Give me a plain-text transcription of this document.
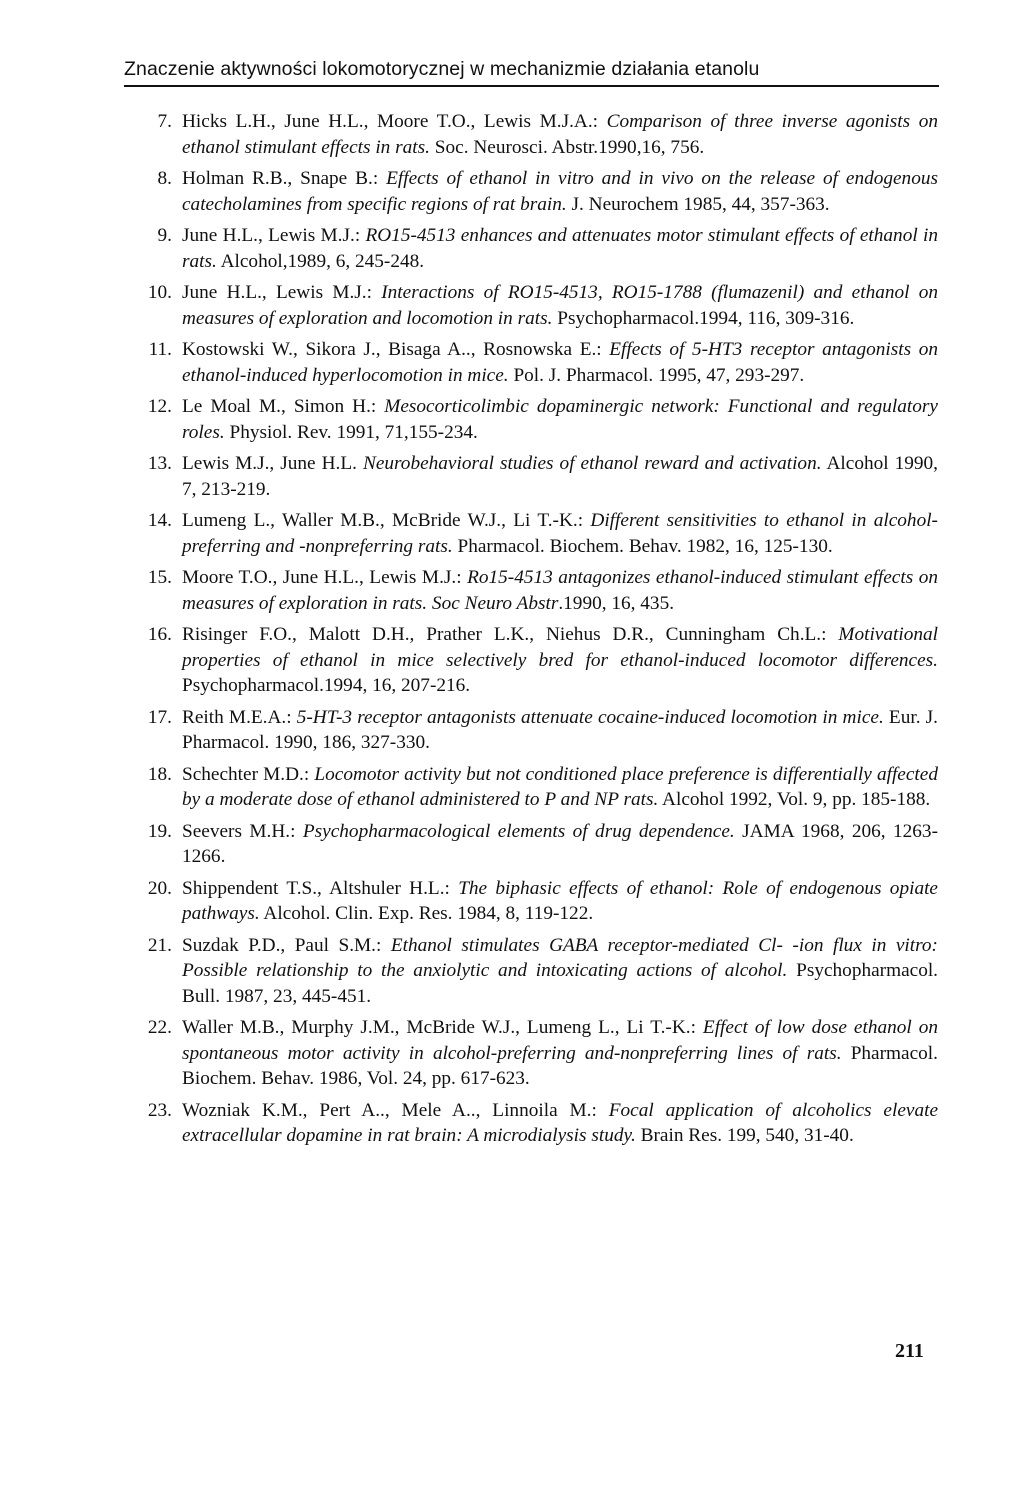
Znaczenie aktywności lokomotorycznej w mechanizmie działania etanolu
7. Hicks L.H., June H.L., Moore T.O., Lewis M.J.A.: Comparison of three inverse agonists on ethanol stimulant effects in rats. Soc. Neurosci. Abstr.1990,16, 756.
8. Holman R.B., Snape B.: Effects of ethanol in vitro and in vivo on the release of endogenous catecholamines from specific regions of rat brain. J. Neurochem 1985, 44, 357-363.
9. June H.L., Lewis M.J.: RO15-4513 enhances and attenuates motor stimulant effects of ethanol in rats. Alcohol,1989, 6, 245-248.
10. June H.L., Lewis M.J.: Interactions of RO15-4513, RO15-1788 (flumazenil) and ethanol on measures of exploration and locomotion in rats. Psychopharmacol.1994, 116, 309-316.
11. Kostowski W., Sikora J., Bisaga A.., Rosnowska E.: Effects of 5-HT3 receptor antagonists on ethanol-induced hyperlocomotion in mice. Pol. J. Pharmacol. 1995, 47, 293-297.
12. Le Moal M., Simon H.: Mesocorticolimbic dopaminergic network: Functional and regulatory roles. Physiol. Rev. 1991, 71,155-234.
13. Lewis M.J., June H.L. Neurobehavioral studies of ethanol reward and activation. Alcohol 1990, 7, 213-219.
14. Lumeng L., Waller M.B., McBride W.J., Li T.-K.: Different sensitivities to ethanol in alcohol-preferring and -nonpreferring rats. Pharmacol. Biochem. Behav. 1982, 16, 125-130.
15. Moore T.O., June H.L., Lewis M.J.: Ro15-4513 antagonizes ethanol-induced stimulant effects on measures of exploration in rats. Soc Neuro Abstr.1990, 16, 435.
16. Risinger F.O., Malott D.H., Prather L.K., Niehus D.R., Cunningham Ch.L.: Motivational properties of ethanol in mice selectively bred for ethanol-induced locomotor differences. Psychopharmacol.1994, 16, 207-216.
17. Reith M.E.A.: 5-HT-3 receptor antagonists attenuate cocaine-induced locomotion in mice. Eur. J. Pharmacol. 1990, 186, 327-330.
18. Schechter M.D.: Locomotor activity but not conditioned place preference is differentially affected by a moderate dose of ethanol administered to P and NP rats. Alcohol 1992, Vol. 9, pp. 185-188.
19. Seevers M.H.: Psychopharmacological elements of drug dependence. JAMA 1968, 206, 1263-1266.
20. Shippendent T.S., Altshuler H.L.: The biphasic effects of ethanol: Role of endogenous opiate pathways. Alcohol. Clin. Exp. Res. 1984, 8, 119-122.
21. Suzdak P.D., Paul S.M.: Ethanol stimulates GABA receptor-mediated Cl- -ion flux in vitro: Possible relationship to the anxiolytic and intoxicating actions of alcohol. Psychopharmacol. Bull. 1987, 23, 445-451.
22. Waller M.B., Murphy J.M., McBride W.J., Lumeng L., Li T.-K.: Effect of low dose ethanol on spontaneous motor activity in alcohol-preferring and-nonpreferring lines of rats. Pharmacol. Biochem. Behav. 1986, Vol. 24, pp. 617-623.
23. Wozniak K.M., Pert A.., Mele A.., Linnoila M.: Focal application of alcoholics elevate extracellular dopamine in rat brain: A microdialysis study. Brain Res. 199, 540, 31-40.
211
